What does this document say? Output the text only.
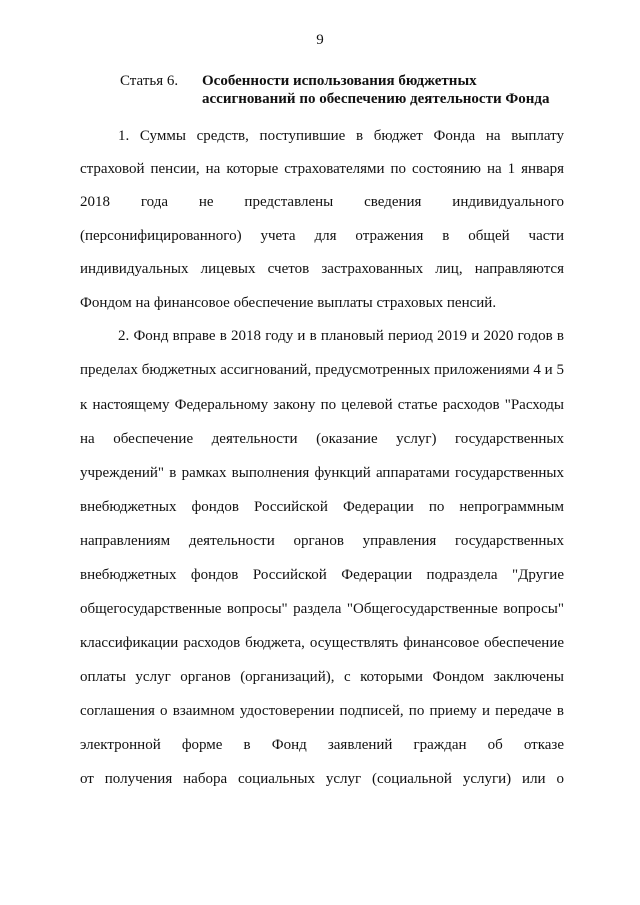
9
Статья 6. Особенности использования бюджетных
ассигнований по обеспечению деятельности Фонда
1. Суммы средств, поступившие в бюджет Фонда на выплату
страховой пенсии, на которые страхователями по состоянию на 1 января
2018 года не представлены сведения индивидуального
(персонифицированного) учета для отражения в общей части
индивидуальных лицевых счетов застрахованных лиц, направляются
Фондом на финансовое обеспечение выплаты страховых пенсий.
2. Фонд вправе в 2018 году и в плановый период 2019 и 2020 годов в
пределах бюджетных ассигнований, предусмотренных приложениями 4 и 5
к настоящему Федеральному закону по целевой статье расходов "Расходы
на обеспечение деятельности (оказание услуг) государственных
учреждений" в рамках выполнения функций аппаратами государственных
внебюджетных фондов Российской Федерации по непрограммным
направлениям деятельности органов управления государственных
внебюджетных фондов Российской Федерации подраздела "Другие
общегосударственные вопросы" раздела "Общегосударственные вопросы"
классификации расходов бюджета, осуществлять финансовое обеспечение
оплаты услуг органов (организаций), с которыми Фондом заключены
соглашения о взаимном удостоверении подписей, по приему и передаче в
электронной форме в Фонд заявлений граждан об отказе
от получения набора социальных услуг (социальной услуги) или о
